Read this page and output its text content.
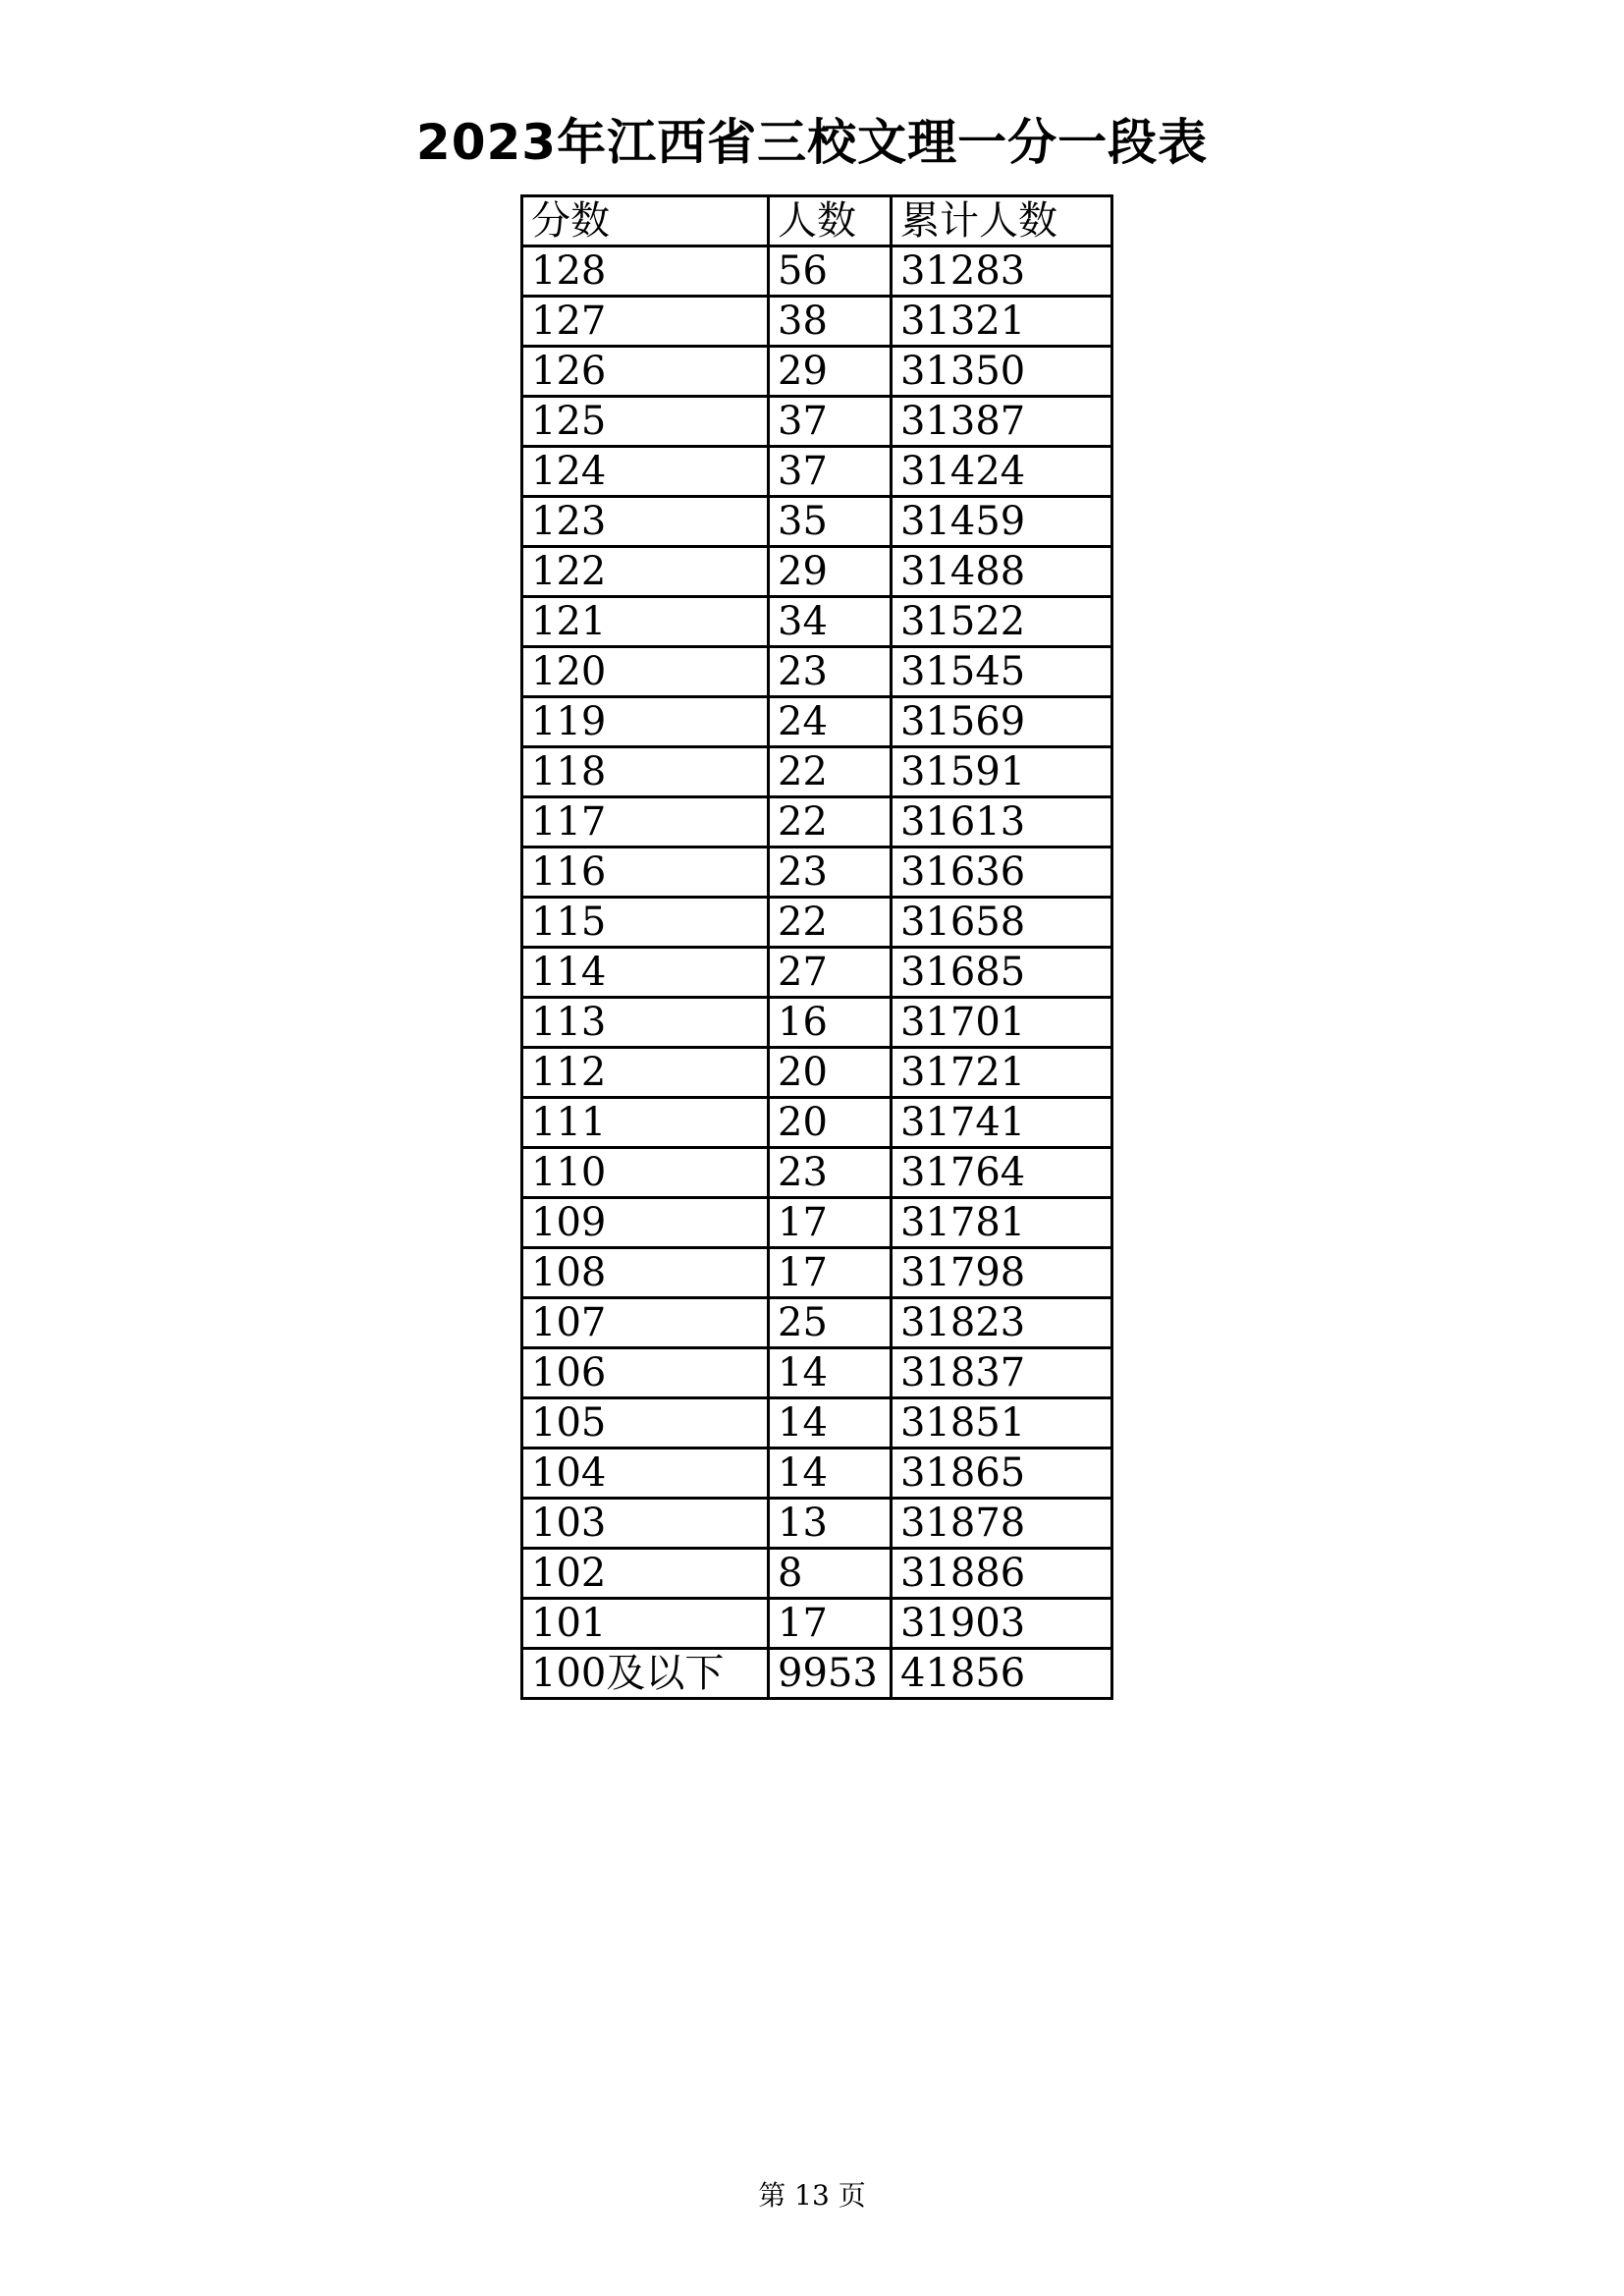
2023年江西省三校文理一分一段表
分数	人数	累计人数
128	56	31283
127	38	31321
126	29	31350
125	37	31387
124	37	31424
123	35	31459
122	29	31488
121	34	31522
120	23	31545
119	24	31569
118	22	31591
117	22	31613
116	23	31636
115	22	31658
114	27	31685
113	16	31701
112	20	31721
111	20	31741
110	23	31764
109	17	31781
108	17	31798
107	25	31823
106	14	31837
105	14	31851
104	14	31865
103	13	31878
102	8	31886
101	17	31903
100及以下	9953	41856
第 13 页
